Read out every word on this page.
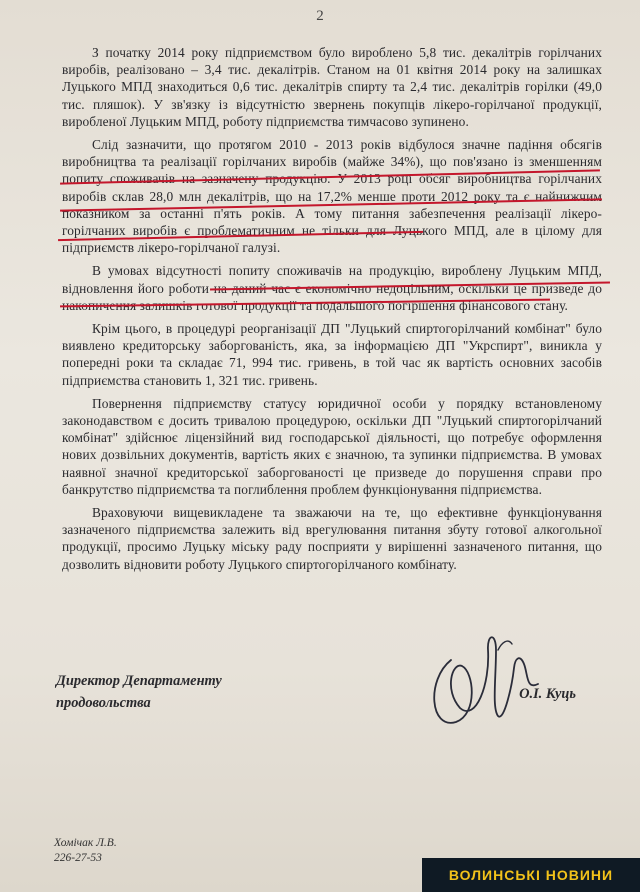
2

З початку 2014 року підприємством було вироблено 5,8 тис. декалітрів горілчаних виробів, реалізовано – 3,4 тис. декалітрів. Станом на 01 квітня 2014 року на залишках Луцького МПД знаходиться 0,6 тис. декалітрів спирту та 2,4 тис. декалітрів горілки (49,0 тис. пляшок). У зв'язку із відсутністю звернень покупців лікеро-горілчаної продукції, виробленої Луцьким МПД, роботу підприємства тимчасово зупинено.

Слід зазначити, що протягом 2010 - 2013 років відбулося значне падіння обсягів виробництва та реалізації горілчаних виробів (майже 34%), що пов'язано із зменшенням попиту споживачів на зазначену продукцію. У 2013 році обсяг виробництва горілчаних виробів склав 28,0 млн декалітрів, що на 17,2% менше проти 2012 року та є найнижчим показником за останні п'ять років. А тому питання забезпечення реалізації лікеро-горілчаних виробів є проблематичним не тільки для Луцького МПД, але в цілому для підприємств лікеро-горілчаної галузі.

В умовах відсутності попиту споживачів на продукцію, вироблену Луцьким МПД, відновлення його роботи на даний час є економічно недоцільним, оскільки це призведе до накопичення залишків готової продукції та подальшого погіршення фінансового стану.

Крім цього, в процедурі реорганізації ДП "Луцький спиртогорілчаний комбінат" було виявлено кредиторську заборгованість, яка, за інформацією ДП "Укрспирт", виникла у попередні роки та складає 71, 994 тис. гривень, в той час як вартість основних засобів підприємства становить 1, 321 тис. гривень.

Повернення підприємству статусу юридичної особи у порядку встановленому законодавством є досить тривалою процедурою, оскільки ДП "Луцький спиртогорілчаний комбінат" здійснює ліцензійний вид господарської діяльності, що потребує оформлення нових дозвільних документів, вартість яких є значною, та зупинки підприємства. В умовах наявної значної кредиторської заборгованості це призведе до порушення справи про банкрутство підприємства та поглиблення проблем функціонування підприємства.

Враховуючи вищевикладене та зважаючи на те, що ефективне функціонування зазначеного підприємства залежить від врегулювання питання збуту готової алкогольної продукції, просимо Луцьку міську раду посприяти у вирішенні зазначеного питання, що дозволить відновити роботу Луцького спиртогорілчаного комбінату.

Директор Департаменту
продовольства
О.І. Куць
Хомічак Л.В.
226-27-53
ВОЛИНСЬКІ НОВИНИ
